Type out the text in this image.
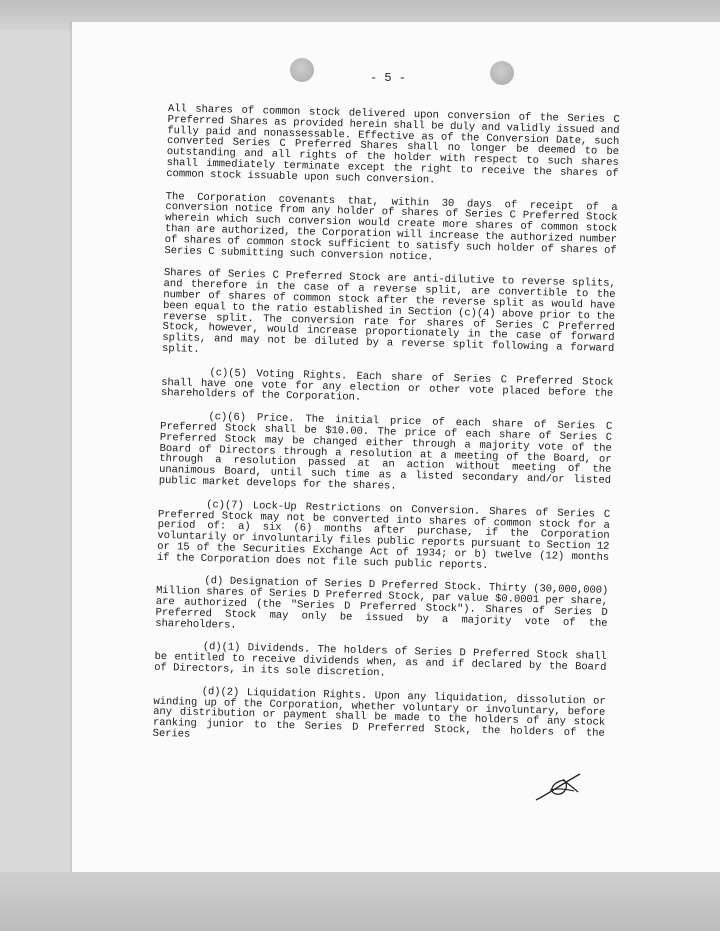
- 5 -

All shares of common stock delivered upon conversion of the Series C Preferred Shares as provided herein shall be duly and validly issued and fully paid and nonassessable. Effective as of the Conversion Date, such converted Series C Preferred Shares shall no longer be deemed to be outstanding and all rights of the holder with respect to such shares shall immediately terminate except the right to receive the shares of common stock issuable upon such conversion.

The Corporation covenants that, within 30 days of receipt of a conversion notice from any holder of shares of Series C Preferred Stock wherein which such conversion would create more shares of common stock than are authorized, the Corporation will increase the authorized number of shares of common stock sufficient to satisfy such holder of shares of Series C submitting such conversion notice.

Shares of Series C Preferred Stock are anti-dilutive to reverse splits, and therefore in the case of a reverse split, are convertible to the number of shares of common stock after the reverse split as would have been equal to the ratio established in Section (c)(4) above prior to the reverse split. The conversion rate for shares of Series C Preferred Stock, however, would increase proportionately in the case of forward splits, and may not be diluted by a reverse split following a forward split.

(c)(5) Voting Rights. Each share of Series C Preferred Stock shall have one vote for any election or other vote placed before the shareholders of the Corporation.

(c)(6) Price. The initial price of each share of Series C Preferred Stock shall be $10.00. The price of each share of Series C Preferred Stock may be changed either through a majority vote of the Board of Directors through a resolution at a meeting of the Board, or through a resolution passed at an action without meeting of the unanimous Board, until such time as a listed secondary and/or listed public market develops for the shares.

(c)(7) Lock-Up Restrictions on Conversion. Shares of Series C Preferred Stock may not be converted into shares of common stock for a period of: a) six (6) months after purchase, if the Corporation voluntarily or involuntarily files public reports pursuant to Section 12 or 15 of the Securities Exchange Act of 1934; or b) twelve (12) months if the Corporation does not file such public reports.

(d) Designation of Series D Preferred Stock. Thirty (30,000,000) Million shares of Series D Preferred Stock, par value $0.0001 per share, are authorized (the "Series D Preferred Stock"). Shares of Series D Preferred Stock may only be issued by a majority vote of the shareholders.

(d)(1) Dividends. The holders of Series D Preferred Stock shall be entitled to receive dividends when, as and if declared by the Board of Directors, in its sole discretion.

(d)(2) Liquidation Rights. Upon any liquidation, dissolution or winding up of the Corporation, whether voluntary or involuntary, before any distribution or payment shall be made to the holders of any stock ranking junior to the Series D Preferred Stock, the holders of the Series
